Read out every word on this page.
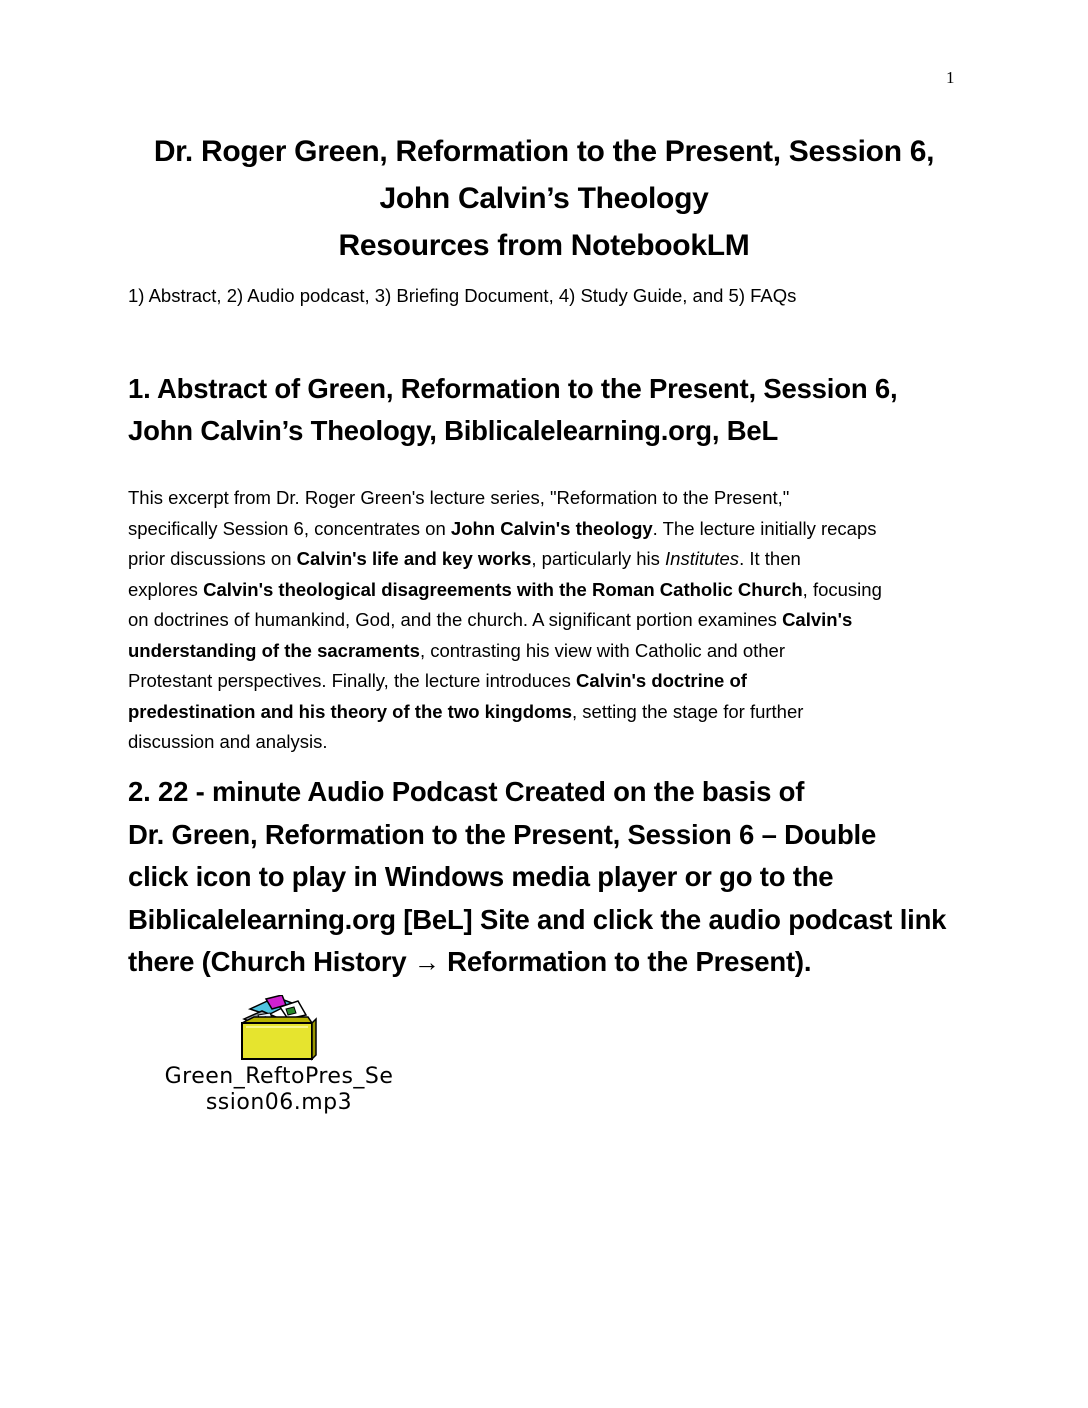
1
Dr. Roger Green, Reformation to the Present, Session 6,
John Calvin’s Theology
Resources from NotebookLM
1) Abstract, 2) Audio podcast, 3) Briefing Document, 4) Study Guide, and 5) FAQs
1. Abstract of Green, Reformation to the Present, Session 6,
John Calvin’s Theology, Biblicalelearning.org, BeL
This excerpt from Dr. Roger Green's lecture series, "Reformation to the Present,"
specifically Session 6, concentrates on John Calvin's theology. The lecture initially recaps
prior discussions on Calvin's life and key works, particularly his Institutes. It then
explores Calvin's theological disagreements with the Roman Catholic Church, focusing
on doctrines of humankind, God, and the church. A significant portion examines Calvin's
understanding of the sacraments, contrasting his view with Catholic and other
Protestant perspectives. Finally, the lecture introduces Calvin's doctrine of
predestination and his theory of the two kingdoms, setting the stage for further
discussion and analysis.
2. 22 - minute Audio Podcast Created on the basis of
Dr. Green, Reformation to the Present, Session 6 – Double
click icon to play in Windows media player or go to the
Biblicalelearning.org [BeL] Site and click the audio podcast link
there (Church History → Reformation to the Present).
Green_ReftoPres_Se
ssion06.mp3
